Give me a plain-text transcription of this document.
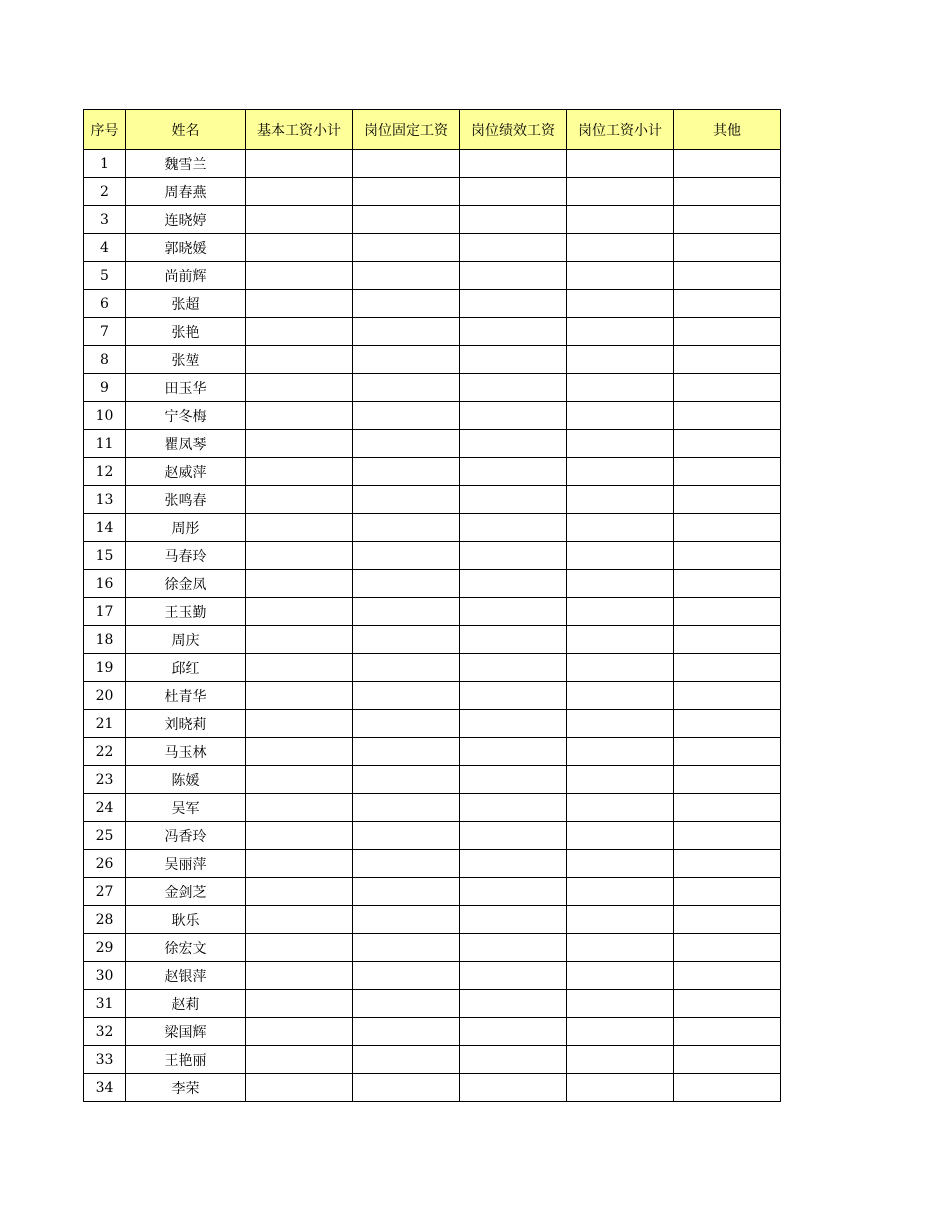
序号	姓名	基本工资小计	岗位固定工资	岗位绩效工资	岗位工资小计	其他
1	魏雪兰					
2	周春燕					
3	连晓婷					
4	郭晓媛					
5	尚前辉					
6	张超					
7	张艳					
8	张堃					
9	田玉华					
10	宁冬梅					
11	瞿凤琴					
12	赵威萍					
13	张鸣春					
14	周彤					
15	马春玲					
16	徐金凤					
17	王玉勤					
18	周庆					
19	邱红					
20	杜青华					
21	刘晓莉					
22	马玉林					
23	陈媛					
24	吴军					
25	冯香玲					
26	吴丽萍					
27	金剑芝					
28	耿乐					
29	徐宏文					
30	赵银萍					
31	赵莉					
32	梁国辉					
33	王艳丽					
34	李荣					
